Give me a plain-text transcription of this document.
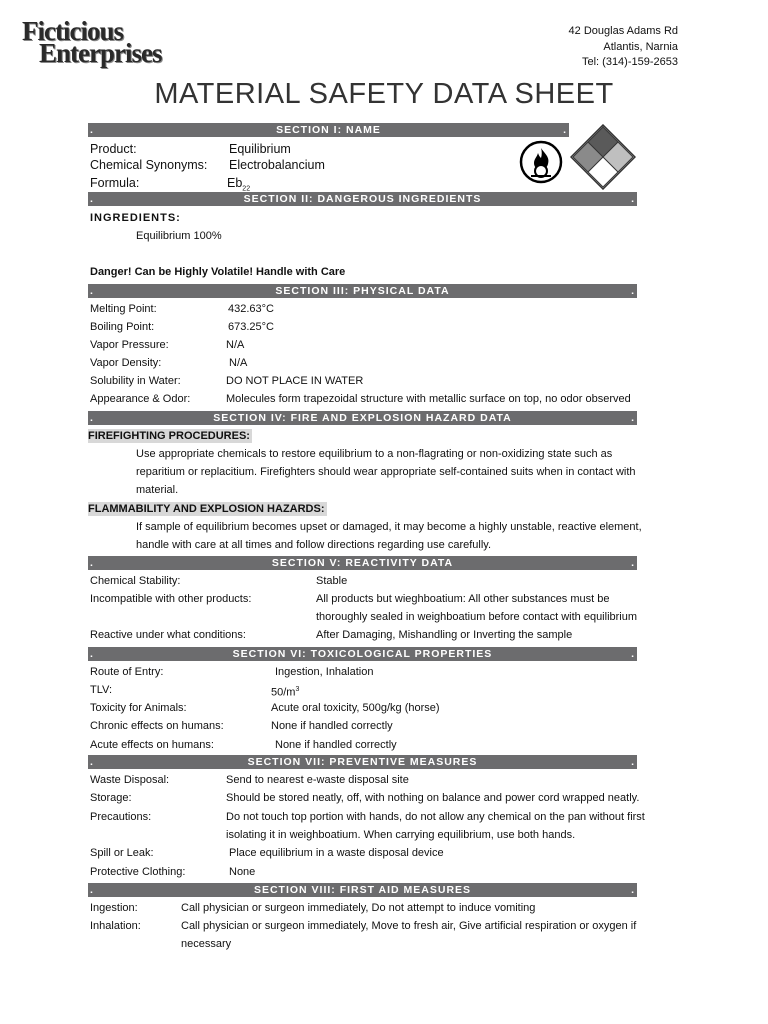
Ficticious
Enterprises
42 Douglas Adams Rd
Atlantis, Narnia
Tel: (314)-159-2653
MATERIAL SAFETY DATA SHEET
.	SECTION I: NAME	.
Product:	Equilibrium
Chemical Synonyms: Electrobalancium
Formula:	$Eb_{22}$
.	SECTION II: DANGEROUS INGREDIENTS	.
INGREDIENTS:
Equilibrium 100%
Danger! Can be Highly Volatile! Handle with Care
.	SECTION III: PHYSICAL DATA	.
Melting Point:	432.63°C
Boiling Point:	673.25°C
Vapor Pressure:	N/A
Vapor Density:	N/A
Solubility in Water:	DO NOT PLACE IN WATER
Appearance & Odor:	Molecules form trapezoidal structure with metallic surface on top, no odor observed
.	SECTION IV: FIRE AND EXPLOSION HAZARD DATA	.
FIREFIGHTING PROCEDURES:
Use appropriate chemicals to restore equilibrium to a non-flagrating or non-oxidizing state such as
reparitium or replacitium. Firefighters should wear appropriate self-contained suits when in contact with
material.
FLAMMABILITY AND EXPLOSION HAZARDS:
If sample of equilibrium becomes upset or damaged, it may become a highly unstable, reactive element,
handle with care at all times and follow directions regarding use carefully.
.	SECTION V: REACTIVITY DATA	.
Chemical Stability:	Stable
Incompatible with other products:	All products but wieghboatium: All other substances must be
thoroughly sealed in weighboatium before contact with equilibrium
Reactive under what conditions:	After Damaging, Mishandling or Inverting the sample
.	SECTION VI: TOXICOLOGICAL PROPERTIES	.
Route of Entry:	Ingestion, Inhalation
TLV:	$50/m^3$
Toxicity for Animals:	Acute oral toxicity, 500g/kg (horse)
Chronic effects on humans:	None if handled correctly
Acute effects on humans:	None if handled correctly
.	SECTION VII: PREVENTIVE MEASURES	.
Waste Disposal:	Send to nearest e-waste disposal site
Storage:	Should be stored neatly, off, with nothing on balance and power cord wrapped neatly.
Precautions:	Do not touch top portion with hands, do not allow any chemical on the pan without first
isolating it in weighboatium. When carrying equilibrium, use both hands.
Spill or Leak:	Place equilibrium in a waste disposal device
Protective Clothing:	None
.	SECTION VIII: FIRST AID MEASURES	.
Ingestion:	Call physician or surgeon immediately, Do not attempt to induce vomiting
Inhalation:	Call physician or surgeon immediately, Move to fresh air, Give artificial respiration or oxygen if
necessary
